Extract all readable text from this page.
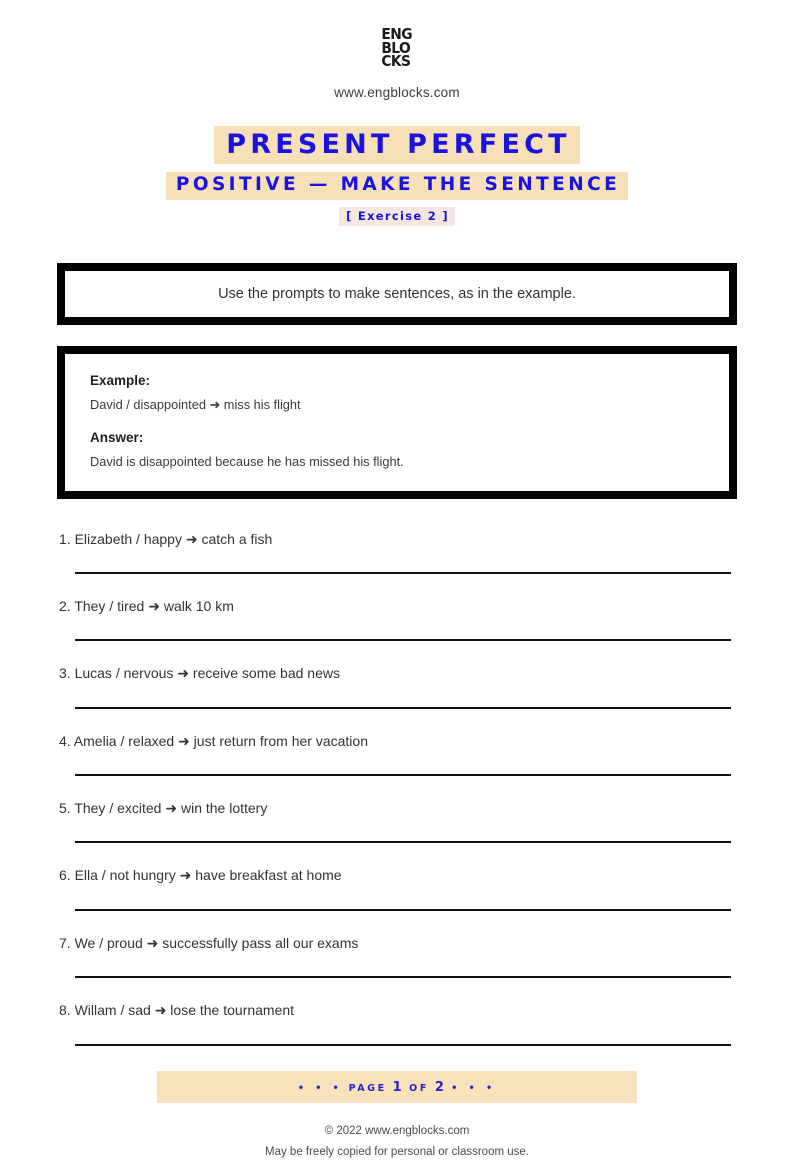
ENG
BLO
CKS
www.engblocks.com
PRESENT PERFECT
POSITIVE — MAKE THE SENTENCE
[ Exercise 2 ]
Use the prompts to make sentences, as in the example.

Example:

David / disappointed ➜ miss his flight

Answer:

David is disappointed because he has missed his flight.

1. Elizabeth / happy ➜ catch a fish
2. They / tired ➜ walk 10 km
3. Lucas / nervous ➜ receive some bad news
4. Amelia / relaxed ➜ just return from her vacation
5. They / excited ➜ win the lottery
6. Ella / not hungry ➜ have breakfast at home
7. We / proud ➜ successfully pass all our exams
8. Willam / sad ➜ lose the tournament
• • • PAGE 1 OF 2 • • •
© 2022 www.engblocks.com
May be freely copied for personal or classroom use.
